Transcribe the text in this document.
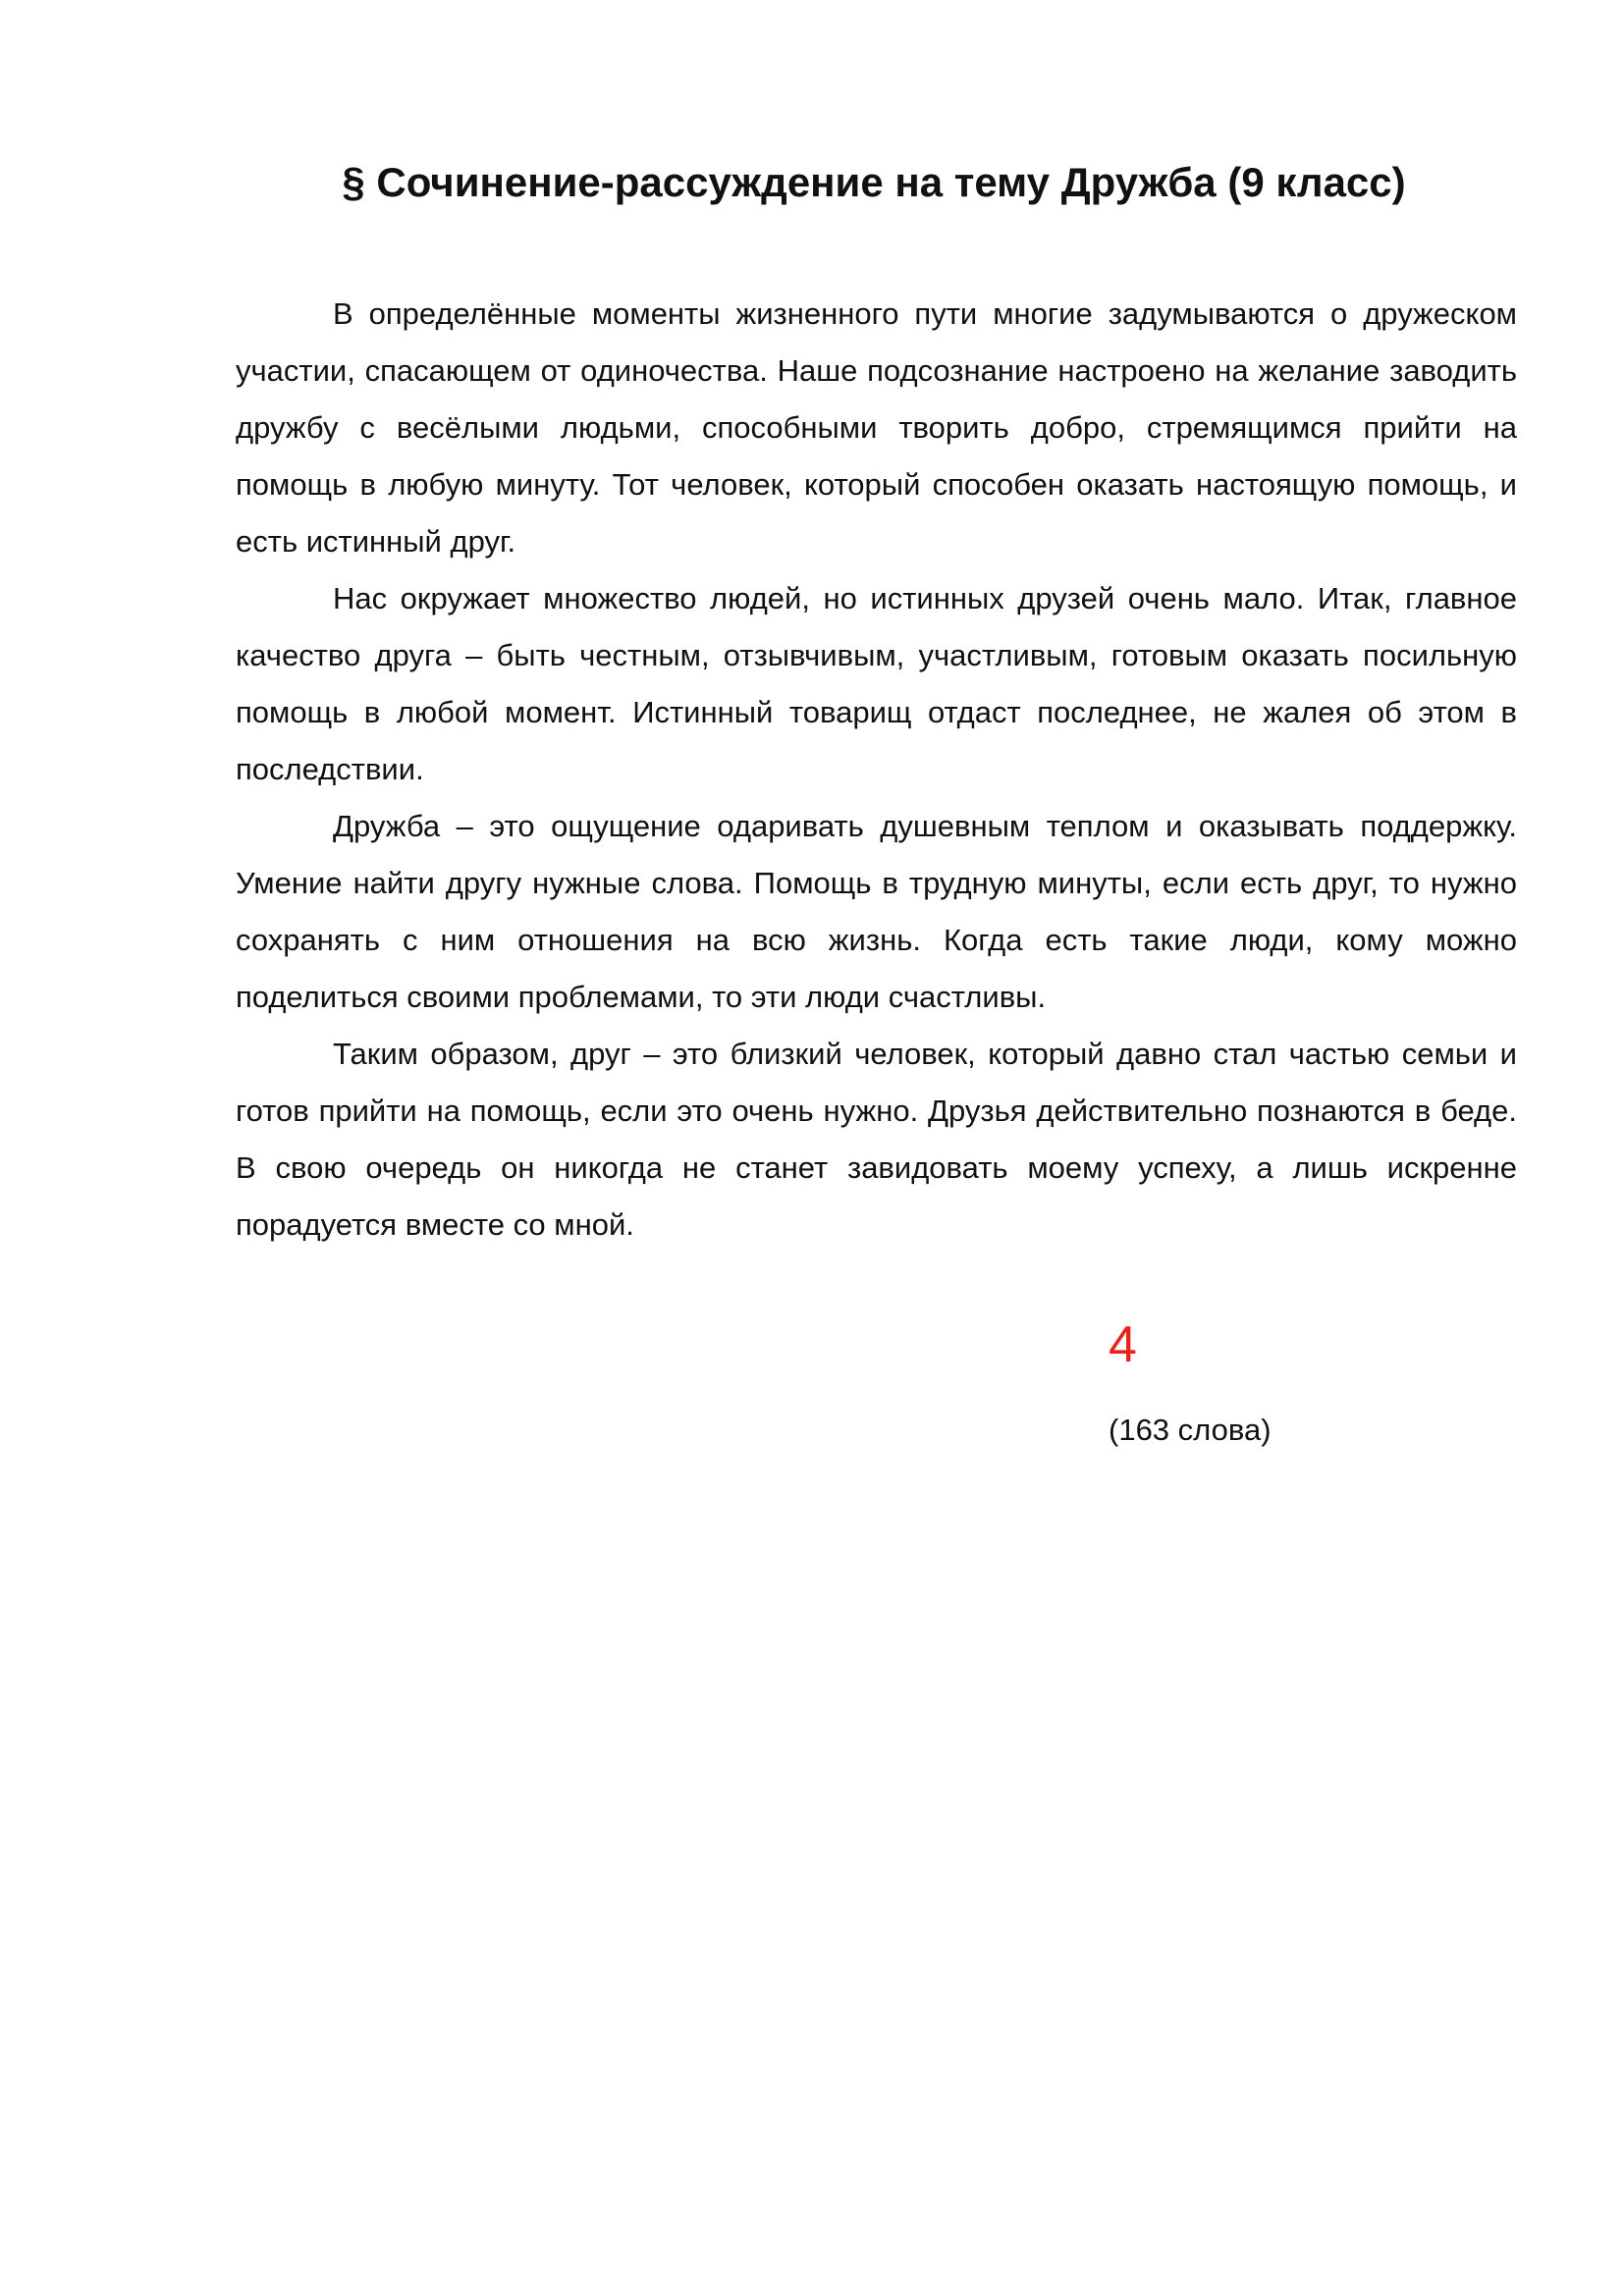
§ Сочинение-рассуждение на тему Дружба (9 класс)

В определённые моменты жизненного пути многие задумываются о дружеском участии, спасающем от одиночества. Наше подсознание настроено на желание заводить дружбу с весёлыми людьми, способными творить добро, стремящимся прийти на помощь в любую минуту. Тот человек, который способен оказать настоящую помощь, и есть истинный друг.

Нас окружает множество людей, но истинных друзей очень мало. Итак, главное качество друга – быть честным, отзывчивым, участливым, готовым оказать посильную помощь в любой момент. Истинный товарищ отдаст последнее, не жалея об этом в последствии.

Дружба – это ощущение одаривать душевным теплом и оказывать поддержку. Умение найти другу нужные слова. Помощь в трудную минуты, если есть друг, то нужно сохранять с ним отношения на всю жизнь. Когда есть такие люди, кому можно поделиться своими проблемами, то эти люди счастливы.

Таким образом, друг – это близкий человек, который давно стал частью семьи и готов прийти на помощь, если это очень нужно. Друзья действительно познаются в беде. В свою очередь он никогда не станет завидовать моему успеху, а лишь искренне порадуется вместе со мной.

4
(163 слова)
